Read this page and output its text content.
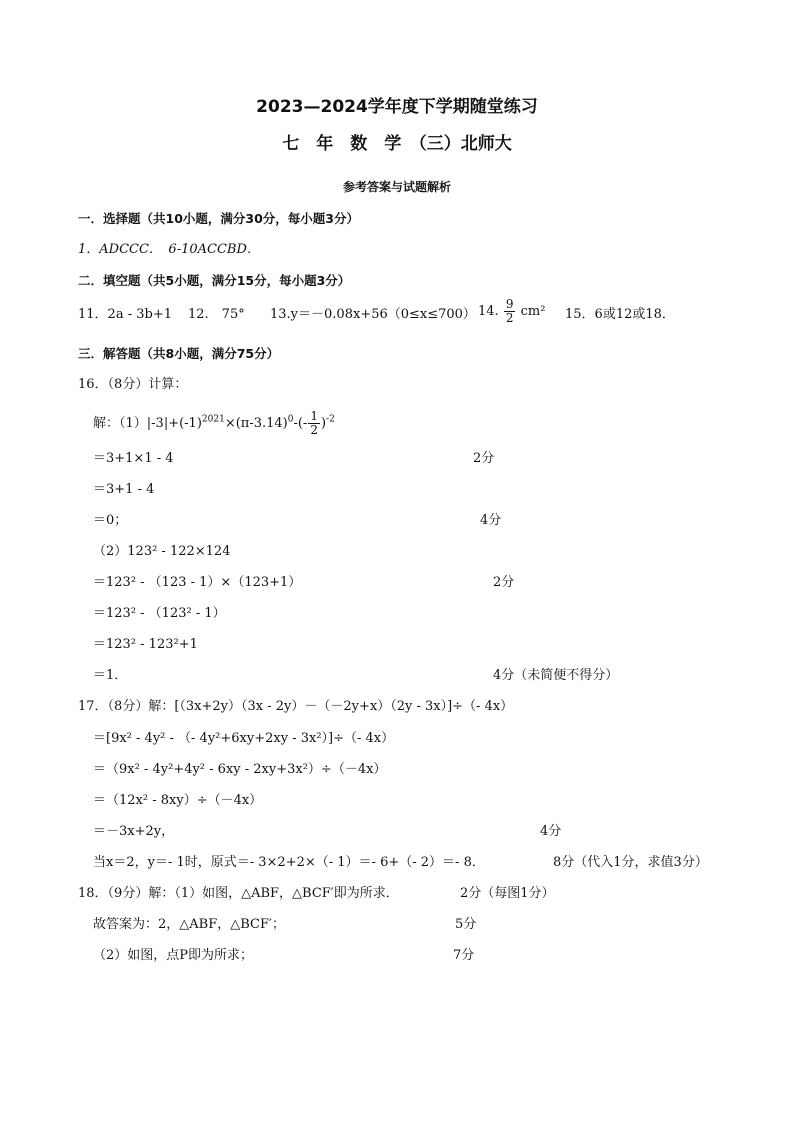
2023—2024学年度下学期随堂练习
七　年　数　学　（三）北师大
参考答案与试题解析
一．选择题（共10小题，满分30分，每小题3分）
1．ADCCC．　6-10ACCBD．
二．填空题（共5小题，满分15分，每小题3分）
11．2a - 3b+1 12.　75° 13.y＝－0.08x+56（0≤x≤700） 14. $\frac{9}{2} cm^2$ 15．6或12或18．
三．解答题（共8小题，满分75分）
16．（8分）计算：
解：$(1)|-3|+(-1)^{2021}\times(\pi-3.14)^0-(- \frac{1}{2} )^{-2}$
＝3+1×1 - 4	2分
＝3+1 - 4
＝0；	4分
（2）123² - 122×124
＝123² - （123 - 1）×（123+1）	2分
＝123² - （123² - 1）
＝123² - 123²+1
＝1．	4分（未简便不得分）
17．（8分）解：[（3x+2y）（3x - 2y）－（－2y+x）（2y - 3x）]÷（- 4x）
＝[9x² - 4y² - （- 4y²+6xy+2xy - 3x²）]÷（- 4x）
＝（9x² - 4y²+4y² - 6xy - 2xy+3x²）÷（－4x）
＝（12x² - 8xy）÷（－4x）
＝－3x+2y，	4分
当x＝2，y＝- 1时，原式＝- 3×2+2×（- 1）＝- 6+（- 2）＝- 8．	8分（代入1分，求值3分）
18．（9分）解：（1）如图，△ABF，△BCF′即为所求．	2分（每图1分）
故答案为：2，△ABF，△BCF′；	5分
（2）如图，点P即为所求；	7分
